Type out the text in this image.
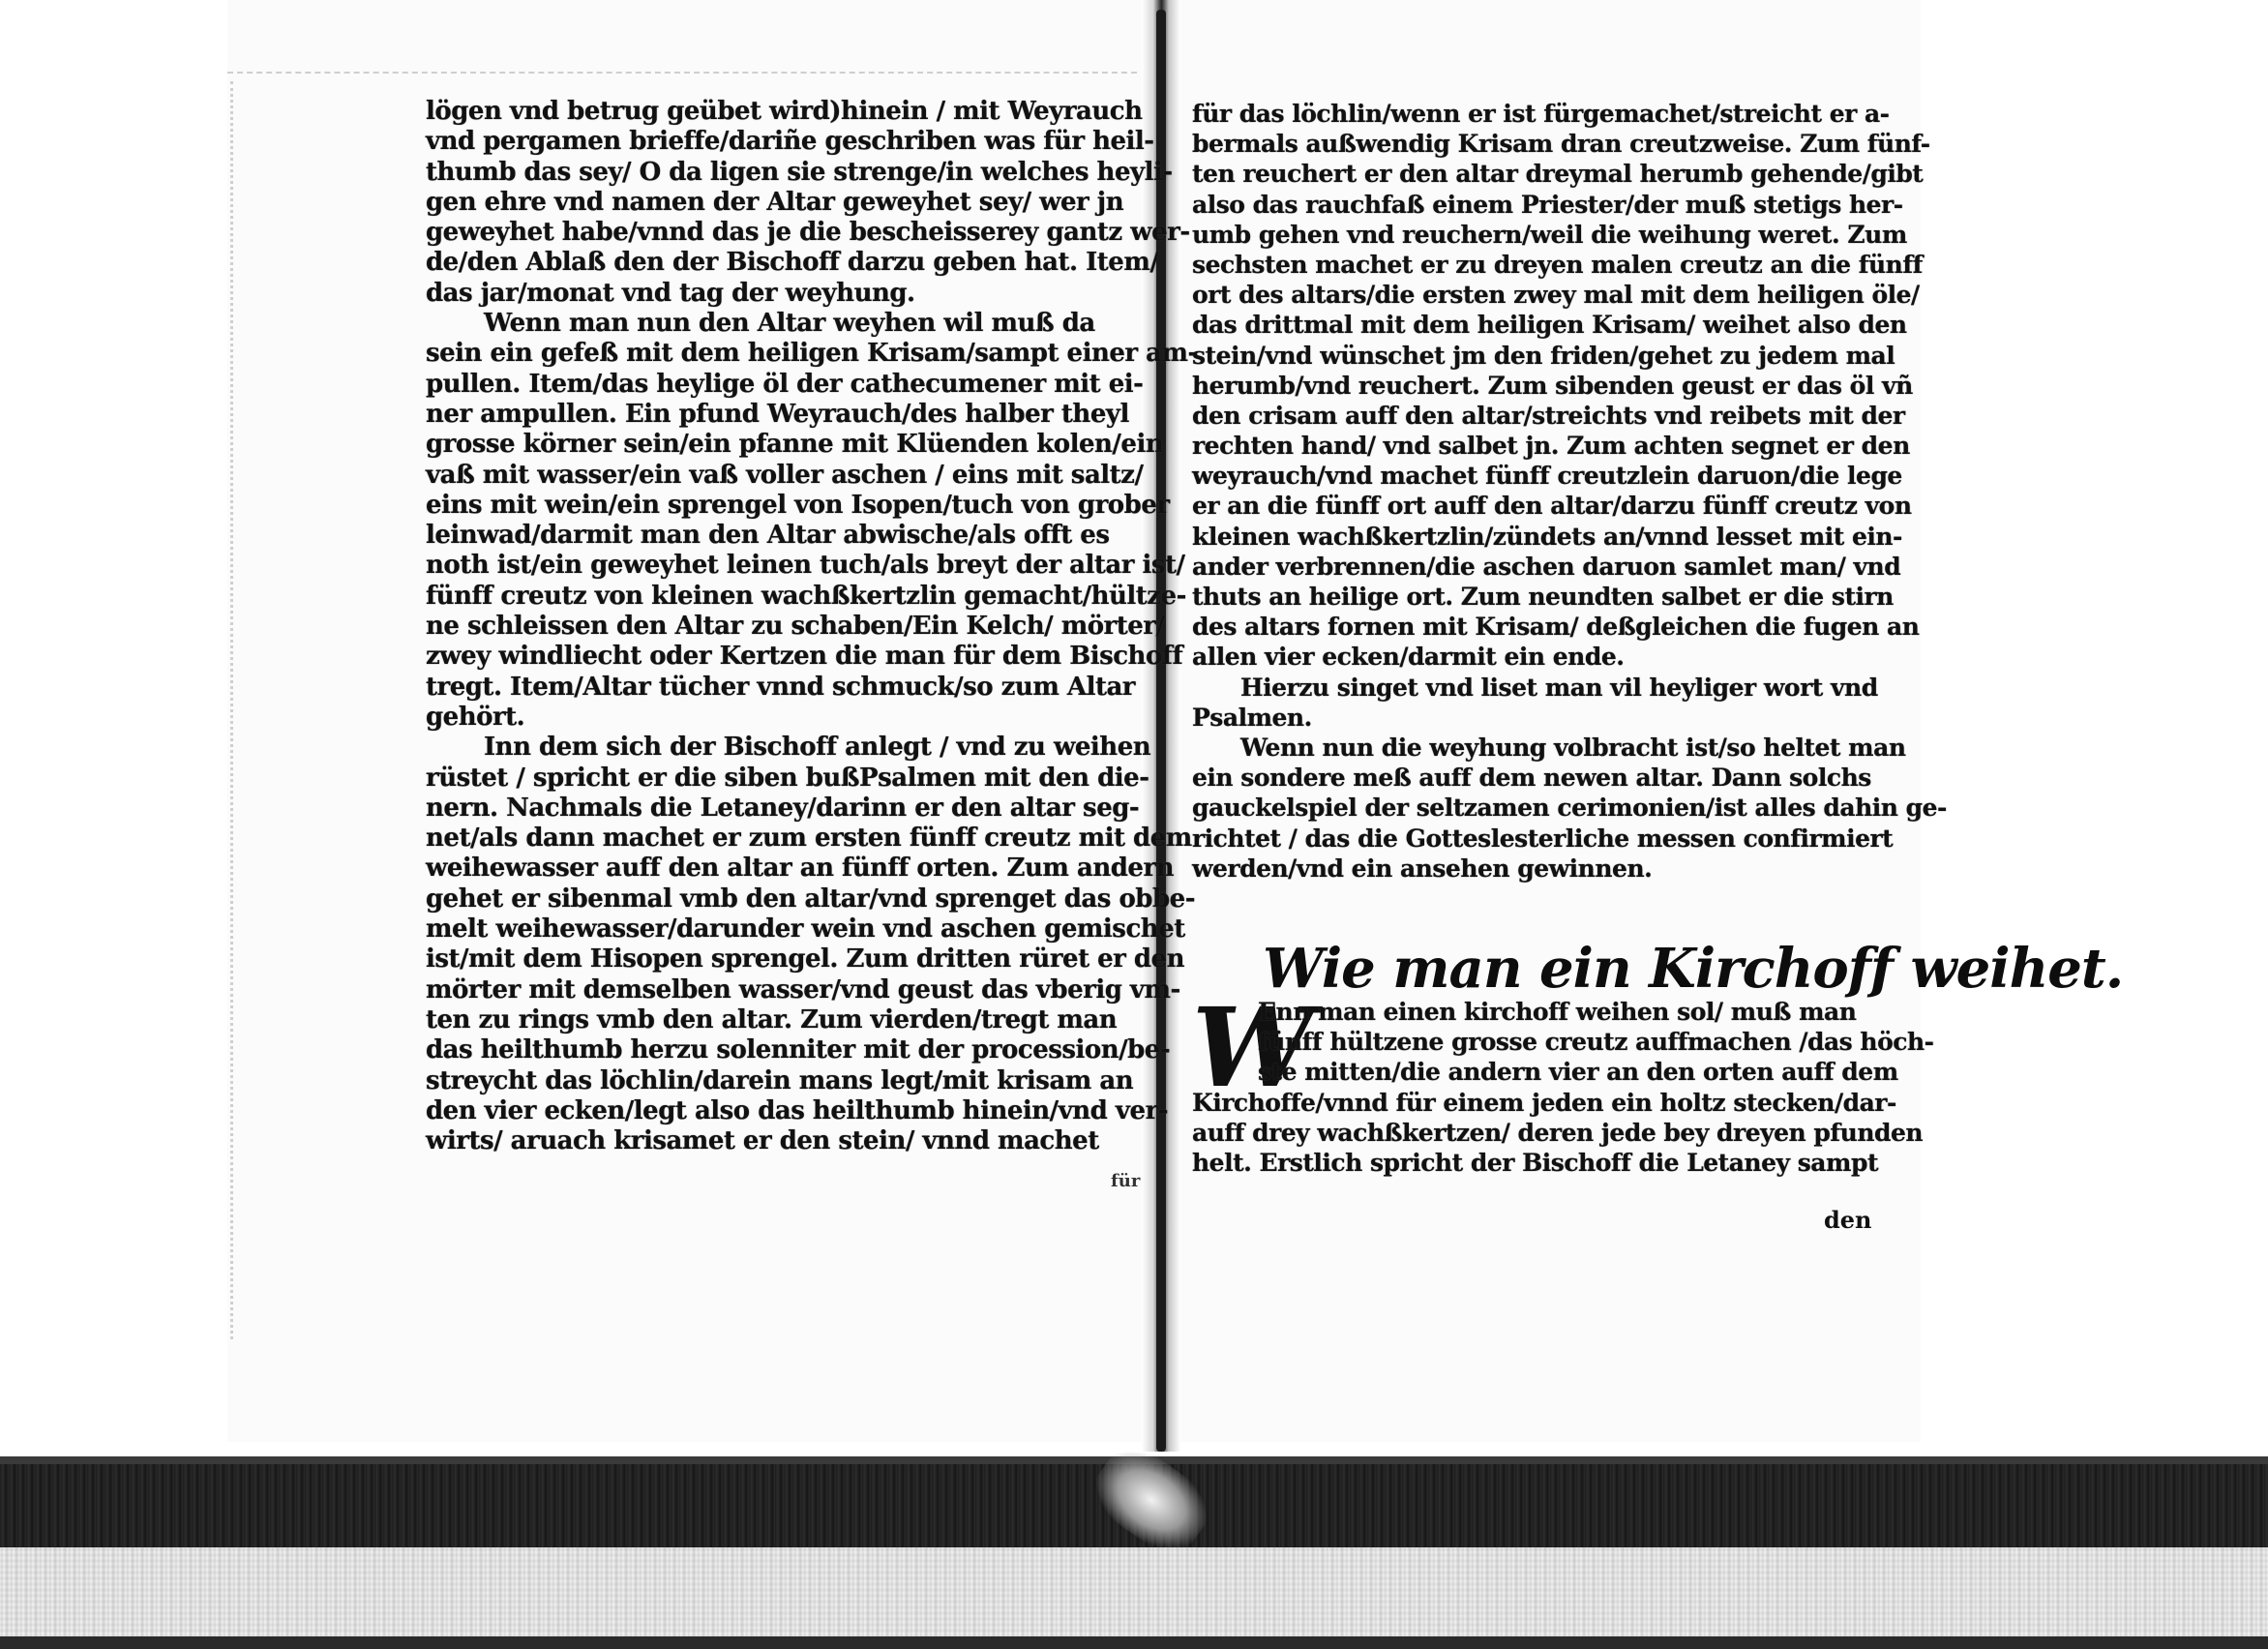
lögen vnd betrug geübet wird)hinein / mit Weyrauch
vnd pergamen brieffe/dariñe geschriben was für heil-
thumb das sey/ O da ligen sie strenge/in welches heyli-
gen ehre vnd namen der Altar geweyhet sey/ wer jn
geweyhet habe/vnnd das je die bescheisserey gantz wer-
de/den Ablaß den der Bischoff darzu geben hat. Item/
das jar/monat vnd tag der weyhung.
Wenn man nun den Altar weyhen wil muß da
sein ein gefeß mit dem heiligen Krisam/sampt einer am-
pullen. Item/das heylige öl der cathecumener mit ei-
ner ampullen. Ein pfund Weyrauch/des halber theyl
grosse körner sein/ein pfanne mit Klüenden kolen/ein
vaß mit wasser/ein vaß voller aschen / eins mit saltz/
eins mit wein/ein sprengel von Isopen/tuch von grober
leinwad/darmit man den Altar abwische/als offt es
noth ist/ein geweyhet leinen tuch/als breyt der altar ist/
fünff creutz von kleinen wachßkertzlin gemacht/hültze-
ne schleissen den Altar zu schaben/Ein Kelch/ mörter/
zwey windliecht oder Kertzen die man für dem Bischoff
tregt. Item/Altar tücher vnnd schmuck/so zum Altar
gehört.
Inn dem sich der Bischoff anlegt / vnd zu weihen
rüstet / spricht er die siben bußPsalmen mit den die-
nern. Nachmals die Letaney/darinn er den altar seg-
net/als dann machet er zum ersten fünff creutz mit dem
weihewasser auff den altar an fünff orten. Zum andern
gehet er sibenmal vmb den altar/vnd sprenget das obbe-
melt weihewasser/darunder wein vnd aschen gemischet
ist/mit dem Hisopen sprengel. Zum dritten rüret er den
mörter mit demselben wasser/vnd geust das vberig vm-
ten zu rings vmb den altar. Zum vierden/tregt man
das heilthumb herzu solenniter mit der procession/be-
streycht das löchlin/darein mans legt/mit krisam an
den vier ecken/legt also das heilthumb hinein/vnd ver-
wirts/ aruach krisamet er den stein/ vnnd machet
für
für das löchlin/wenn er ist fürgemachet/streicht er a-
bermals außwendig Krisam dran creutzweise. Zum fünf-
ten reuchert er den altar dreymal herumb gehende/gibt
also das rauchfaß einem Priester/der muß stetigs her-
umb gehen vnd reuchern/weil die weihung weret. Zum
sechsten machet er zu dreyen malen creutz an die fünff
ort des altars/die ersten zwey mal mit dem heiligen öle/
das drittmal mit dem heiligen Krisam/ weihet also den
stein/vnd wünschet jm den friden/gehet zu jedem mal
herumb/vnd reuchert. Zum sibenden geust er das öl vñ
den crisam auff den altar/streichts vnd reibets mit der
rechten hand/ vnd salbet jn. Zum achten segnet er den
weyrauch/vnd machet fünff creutzlein daruon/die lege
er an die fünff ort auff den altar/darzu fünff creutz von
kleinen wachßkertzlin/zündets an/vnnd lesset mit ein-
ander verbrennen/die aschen daruon samlet man/ vnd
thuts an heilige ort. Zum neundten salbet er die stirn
des altars fornen mit Krisam/ deßgleichen die fugen an
allen vier ecken/darmit ein ende.
Hierzu singet vnd liset man vil heyliger wort vnd
Psalmen.
Wenn nun die weyhung volbracht ist/so heltet man
ein sondere meß auff dem newen altar. Dann solchs
gauckelspiel der seltzamen cerimonien/ist alles dahin ge-
richtet / das die Gotteslesterliche messen confirmiert
werden/vnd ein ansehen gewinnen.
Wie man ein Kirchoff weihet.
W
Enn man einen kirchoff weihen sol/ muß man
fünff hültzene grosse creutz auffmachen /das höch-
ste mitten/die andern vier an den orten auff dem
Kirchoffe/vnnd für einem jeden ein holtz stecken/dar-
auff drey wachßkertzen/ deren jede bey dreyen pfunden
helt. Erstlich spricht der Bischoff die Letaney sampt
den
